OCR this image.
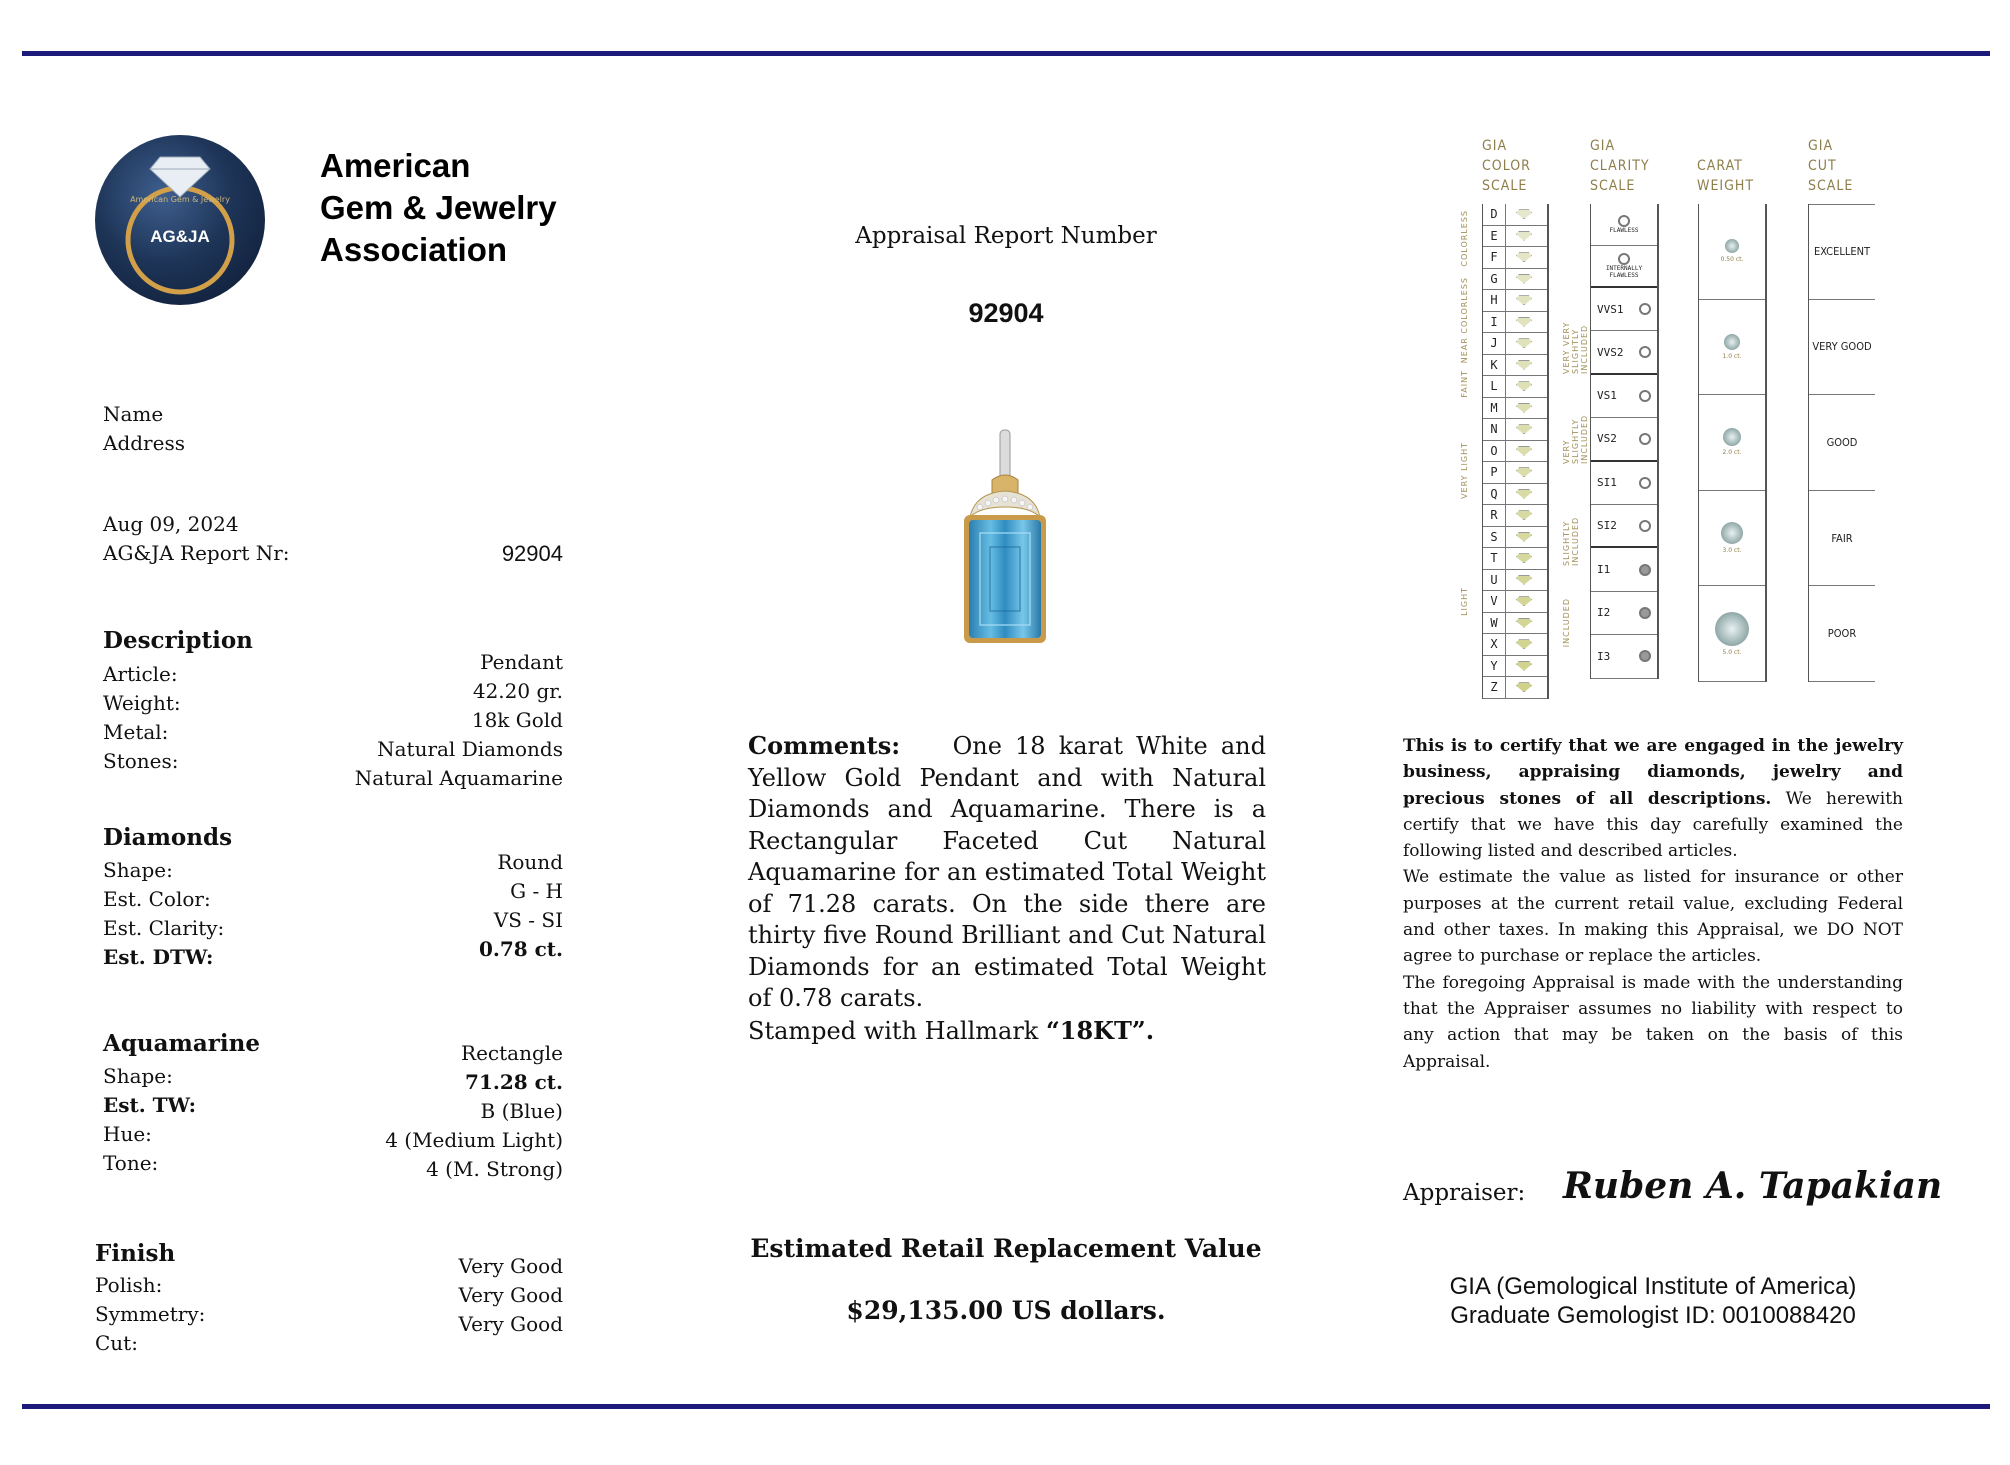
AG&JA
American Gem & Jewelry
American
Gem & Jewelry
Association
Name
Address
Aug 09, 2024
AG&JA Report Nr:	92904
Description
Article:
Weight:
Metal:
Stones:
Pendant
42.20 gr.
18k Gold
Natural Diamonds
Natural Aquamarine
Diamonds
Shape:
Est. Color:
Est. Clarity:
Est. DTW:
Round
G - H
VS - SI
0.78 ct.
Aquamarine
Shape:
Est. TW:
Hue:
Tone:
Rectangle
71.28 ct.
B (Blue)
4 (Medium Light)
4 (M. Strong)
Finish
Polish:
Symmetry:
Cut:
Very Good
Very Good
Very Good
Appraisal Report Number
92904
Comments: One 18 karat White and Yellow Gold Pendant and with Natural Diamonds and Aquamarine. There is a Rectangular Faceted Cut Natural Aquamarine for an estimated Total Weight of 71.28 carats. On the side there are thirty five Round Brilliant and Cut Natural Diamonds for an estimated Total Weight of 0.78 carats.
Stamped with Hallmark “18KT”.
Estimated Retail Replacement Value
$29,135.00 US dollars.
GIA
COLOR
SCALE
GIA
CLARITY
SCALE
CARAT
WEIGHT
GIA
CUT
SCALE
COLORLESS
NEAR COLORLESS
FAINT
VERY LIGHT
LIGHT
VERY VERY SLIGHTLY INCLUDED
VERY SLIGHTLY INCLUDED
SLIGHTLY INCLUDED
INCLUDED
D
E
F
G
H
I
J
K
L
M
N
O
P
Q
R
S
T
U
V
W
X
Y
Z
FLAWLESS
INTERNALLY FLAWLESS
VVS1
VVS2
VS1
VS2
SI1
SI2
I1
I2
I3
0.50 ct.
1.0 ct.
2.0 ct.
3.0 ct.
5.0 ct.
EXCELLENT
VERY GOOD
GOOD
FAIR
POOR
This is to certify that we are engaged in the jewelry business, appraising diamonds, jewelry and precious stones of all descriptions. We herewith certify that we have this day carefully examined the following listed and described articles.
We estimate the value as listed for insurance or other purposes at the current retail value, excluding Federal and other taxes. In making this Appraisal, we DO NOT agree to purchase or replace the articles.
The foregoing Appraisal is made with the understanding that the Appraiser assumes no liability with respect to any action that may be taken on the basis of this Appraisal.
Appraiser: Ruben A. Tapakian
GIA (Gemological Institute of America)
Graduate Gemologist ID: 0010088420
